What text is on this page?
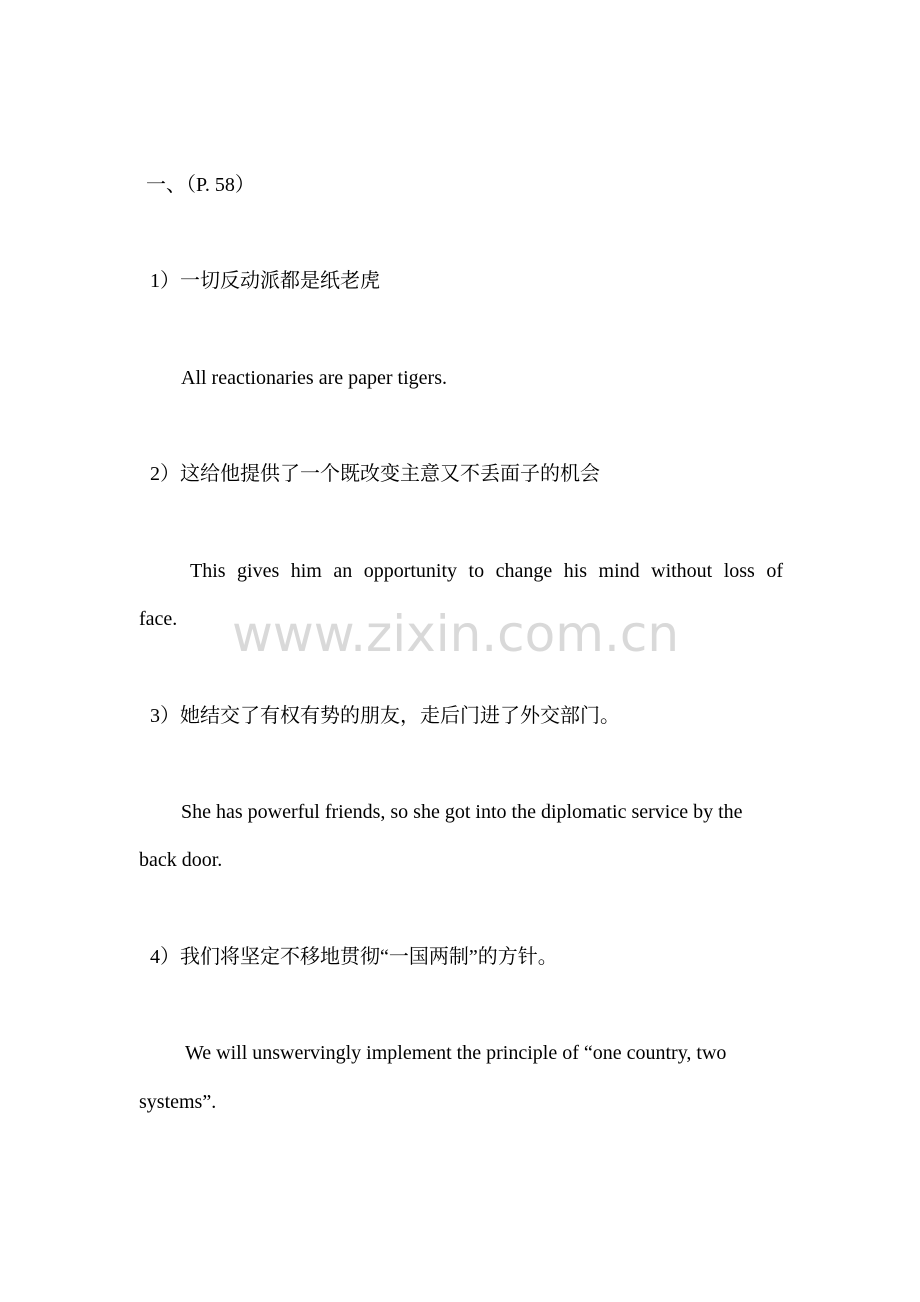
一、（P. 58）
1）一切反动派都是纸老虎
All reactionaries are paper tigers.
2）这给他提供了一个既改变主意又不丢面子的机会
This gives him an opportunity to change his mind without loss of
face. www.zixin.com.cn
3）她结交了有权有势的朋友，走后门进了外交部门。
She has powerful friends, so she got into the diplomatic service by the
back door.
4）我们将坚定不移地贯彻“一国两制”的方针。
We will unswervingly implement the principle of “one country, two
systems”.
